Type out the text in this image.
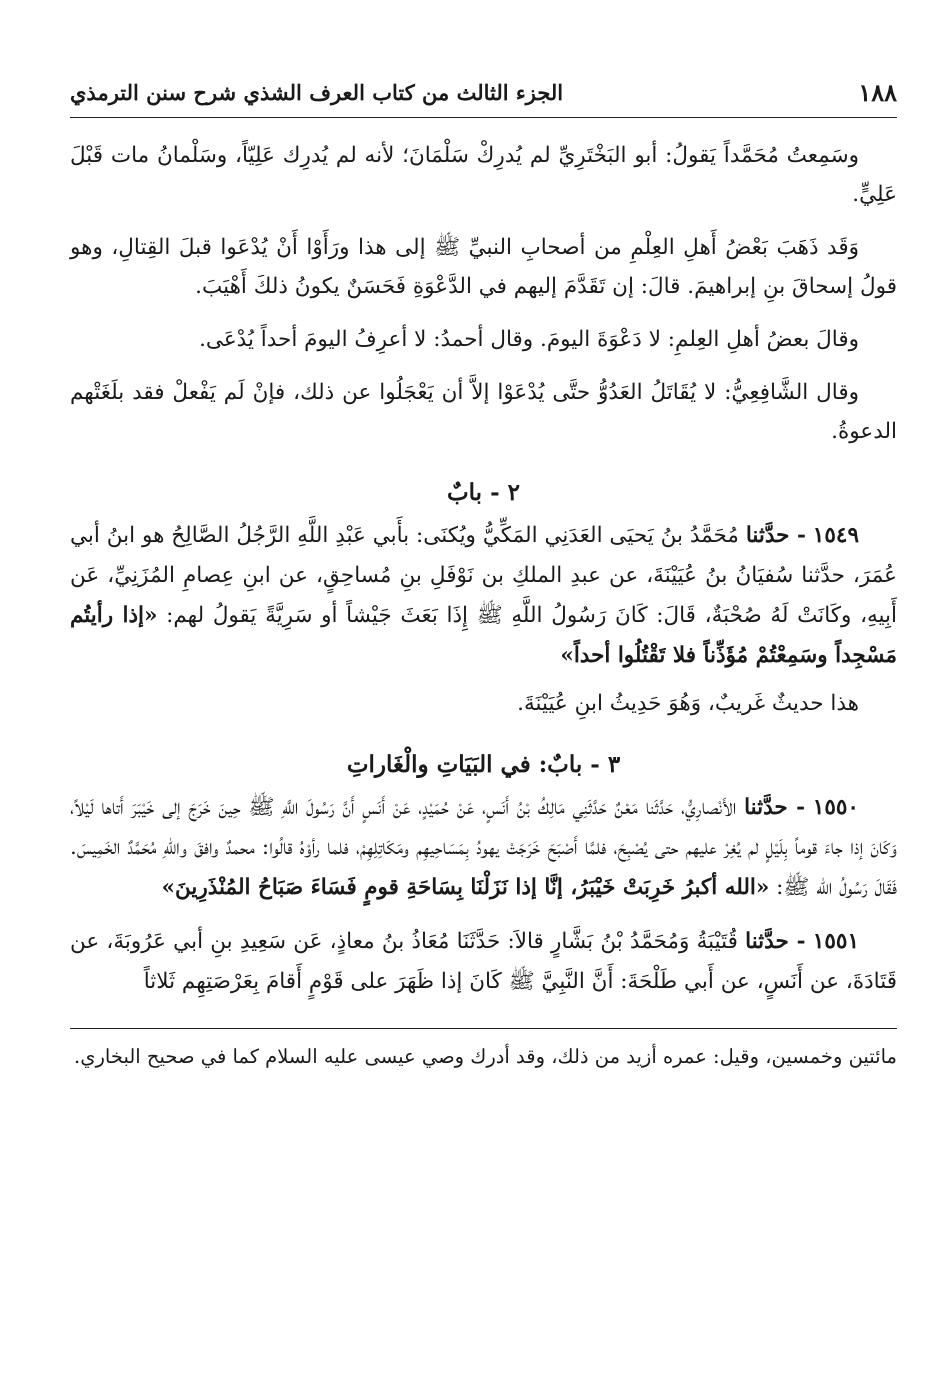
١٨٨
الجزء الثالث من كتاب العرف الشذي شرح سنن الترمذي

وسَمِعتُ مُحَمَّداً يَقولُ: أبو البَخْتَرِيِّ لم يُدرِكْ سَلْمَانَ؛ لأنه لم يُدرِك عَلِيّاً، وسَلْمانُ مات قَبْلَ عَلِيٍّ.

وَقَد ذَهَبَ بَعْضُ أَهلِ العِلْمِ من أصحابِ النبيِّ ﷺ إلى هذا ورَأَوْا أَنْ يُدْعَوا قبلَ القِتالِ، وهو قولُ إسحاقَ بنِ إبراهيمَ. قالَ: إن تَقَدَّمَ إليهم في الدَّعْوَةِ فَحَسَنٌ يكونُ ذلكَ أَهْيَبَ.

وقالَ بعضُ أهلِ العِلمِ: لا دَعْوَةَ اليومَ. وقال أحمدُ: لا أعرِفُ اليومَ أحداً يُدْعَى.

وقال الشَّافِعِيُّ: لا يُقَاتَلُ العَدُوُّ حتَّى يُدْعَوْا إلاَّ أن يَعْجَلُوا عن ذلك، فإنْ لَم يَفْعلْ فقد بلَغَتْهم الدعوةُ.

٢ - بابٌ

١٥٤٩ - حدَّثنا مُحَمَّدُ بنُ يَحيَى العَدَنِي المَكِّيُّ ويُكنَى: بأَبي عَبْدِ اللَّهِ الرَّجُلُ الصَّالِحُ هو ابنُ أبي عُمَرَ، حدَّثنا سُفيَانُ بنُ عُيَيْنَةَ، عن عبدِ الملكِ بن نَوْفَلِ بنِ مُساحِقٍ، عن ابنِ عِصامِ المُزَنِيِّ، عَن أَبِيهِ، وكَانَتْ لَهُ صُحْبَةٌ، قَالَ: كَانَ رَسُولُ اللَّهِ ﷺ إِذَا بَعَثَ جَيْشاً أو سَرِيَّةً يَقولُ لهم: «إذا رأيتُم مَسْجِداً وسَمِعْتُمْ مُؤَذِّناً فلا تَقْتُلُوا أحداً»

هذا حديثٌ غَريبٌ، وَهُوَ حَدِيثُ ابنِ عُيَيْنَةَ.

٣ - بابٌ: في البَيَاتِ والْغَاراتِ

١٥٥٠ - حدَّثنا الأَنْصارِيُّ، حَدَّثَنا مَعْنٌ حَدَّثَنِي مَالِكُ بْنُ أَنَسٍ، عَنْ حُمَيْدٍ، عَنْ أَنَسٍ أَنَّ رَسُولَ اللَّهِ ﷺ حِينَ خَرَجَ إلى خَيْبَرَ أَتاها لَيْلاً، وَكَانَ إذا جاءَ قوماً بِلَيْلٍ لم يُغِرْ عليهم حتى يُصْبِحَ، فلمَّا أَصْبَحَ خَرَجَتْ يهودُ بِمَسَاحِيهِم ومَكَاتِلِهِمْ، فلما رأوْهُ قالُوا: محمدٌ وافقَ واللهِ مُحَمَّدٌ الخَمِيسَ. فَقَالَ رَسُولُ الله ﷺ: «الله أكبرُ خَرِبَتْ خَيْبَرُ، إنَّا إذا نَزَلْنَا بِسَاحَةِ قومٍ فَسَاءَ صَبَاحُ المُنْذَرِينَ»

١٥٥١ - حدَّثنا قُتَيْبَةُ وَمُحَمَّدُ بْنُ بَشَّارٍ قالاَ: حَدَّثَنَا مُعَاذُ بنُ معاذٍ، عَن سَعِيدِ بنِ أبي عَرُوبَةَ، عن قَتَادَةَ، عن أَنَسٍ، عن أَبي طَلْحَةَ: أَنَّ النَّبِيَّ ﷺ كَانَ إذا ظَهَرَ على قَوْمٍ أَقامَ بِعَرْصَتِهِم ثَلاثاً

مائتين وخمسين، وقيل: عمره أزيد من ذلك، وقد أدرك وصي عيسى عليه السلام كما في صحيح البخاري.
